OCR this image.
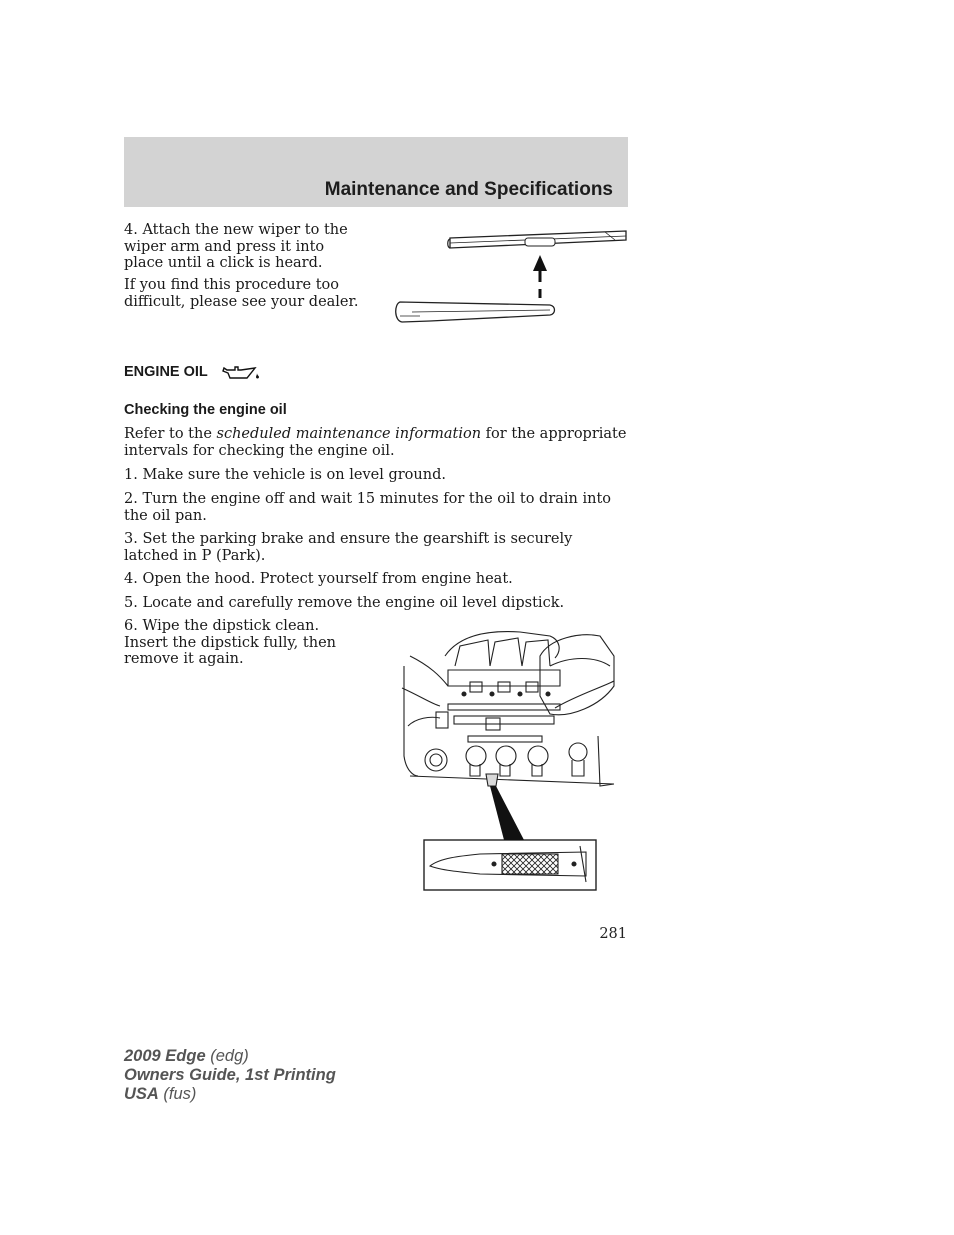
Maintenance and Specifications
4. Attach the new wiper to the wiper arm and press it into place until a click is heard.
If you find this procedure too difficult, please see your dealer.
ENGINE OIL
Checking the engine oil
Refer to the scheduled maintenance information for the appropriate intervals for checking the engine oil.
1. Make sure the vehicle is on level ground.
2. Turn the engine off and wait 15 minutes for the oil to drain into the oil pan.
3. Set the parking brake and ensure the gearshift is securely latched in P (Park).
4. Open the hood. Protect yourself from engine heat.
5. Locate and carefully remove the engine oil level dipstick.
6. Wipe the dipstick clean. Insert the dipstick fully, then remove it again.
281
2009 Edge (edg)
Owners Guide, 1st Printing
USA (fus)
